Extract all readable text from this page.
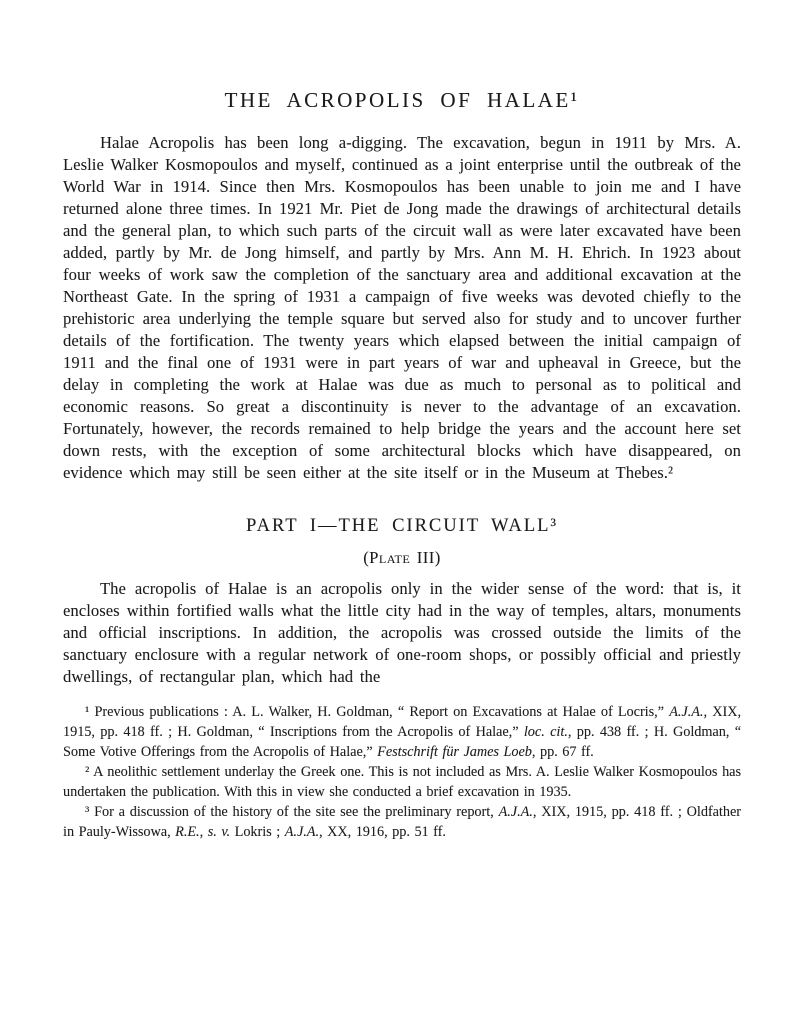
THE ACROPOLIS OF HALAE¹

Halae Acropolis has been long a-digging. The excavation, begun in 1911 by Mrs. A. Leslie Walker Kosmopoulos and myself, continued as a joint enterprise until the outbreak of the World War in 1914. Since then Mrs. Kosmopoulos has been unable to join me and I have returned alone three times. In 1921 Mr. Piet de Jong made the drawings of architectural details and the general plan, to which such parts of the circuit wall as were later excavated have been added, partly by Mr. de Jong himself, and partly by Mrs. Ann M. H. Ehrich. In 1923 about four weeks of work saw the completion of the sanctuary area and additional excavation at the Northeast Gate. In the spring of 1931 a campaign of five weeks was devoted chiefly to the prehistoric area underlying the temple square but served also for study and to uncover further details of the fortification. The twenty years which elapsed between the initial campaign of 1911 and the final one of 1931 were in part years of war and upheaval in Greece, but the delay in completing the work at Halae was due as much to personal as to political and economic reasons. So great a discontinuity is never to the advantage of an excavation. Fortunately, however, the records remained to help bridge the years and the account here set down rests, with the exception of some architectural blocks which have disappeared, on evidence which may still be seen either at the site itself or in the Museum at Thebes.²

PART I—THE CIRCUIT WALL³
(Plate III)

The acropolis of Halae is an acropolis only in the wider sense of the word: that is, it encloses within fortified walls what the little city had in the way of temples, altars, monuments and official inscriptions. In addition, the acropolis was crossed outside the limits of the sanctuary enclosure with a regular network of one-room shops, or possibly official and priestly dwellings, of rectangular plan, which had the

¹ Previous publications : A. L. Walker, H. Goldman, “ Report on Excavations at Halae of Locris,” A.J.A., XIX, 1915, pp. 418 ff. ; H. Goldman, “ Inscriptions from the Acropolis of Halae,” loc. cit., pp. 438 ff. ; H. Goldman, “ Some Votive Offerings from the Acropolis of Halae,” Festschrift für James Loeb, pp. 67 ff.

² A neolithic settlement underlay the Greek one. This is not included as Mrs. A. Leslie Walker Kosmopoulos has undertaken the publication. With this in view she conducted a brief excavation in 1935.

³ For a discussion of the history of the site see the preliminary report, A.J.A., XIX, 1915, pp. 418 ff. ; Oldfather in Pauly-Wissowa, R.E., s. v. Lokris ; A.J.A., XX, 1916, pp. 51 ff.
